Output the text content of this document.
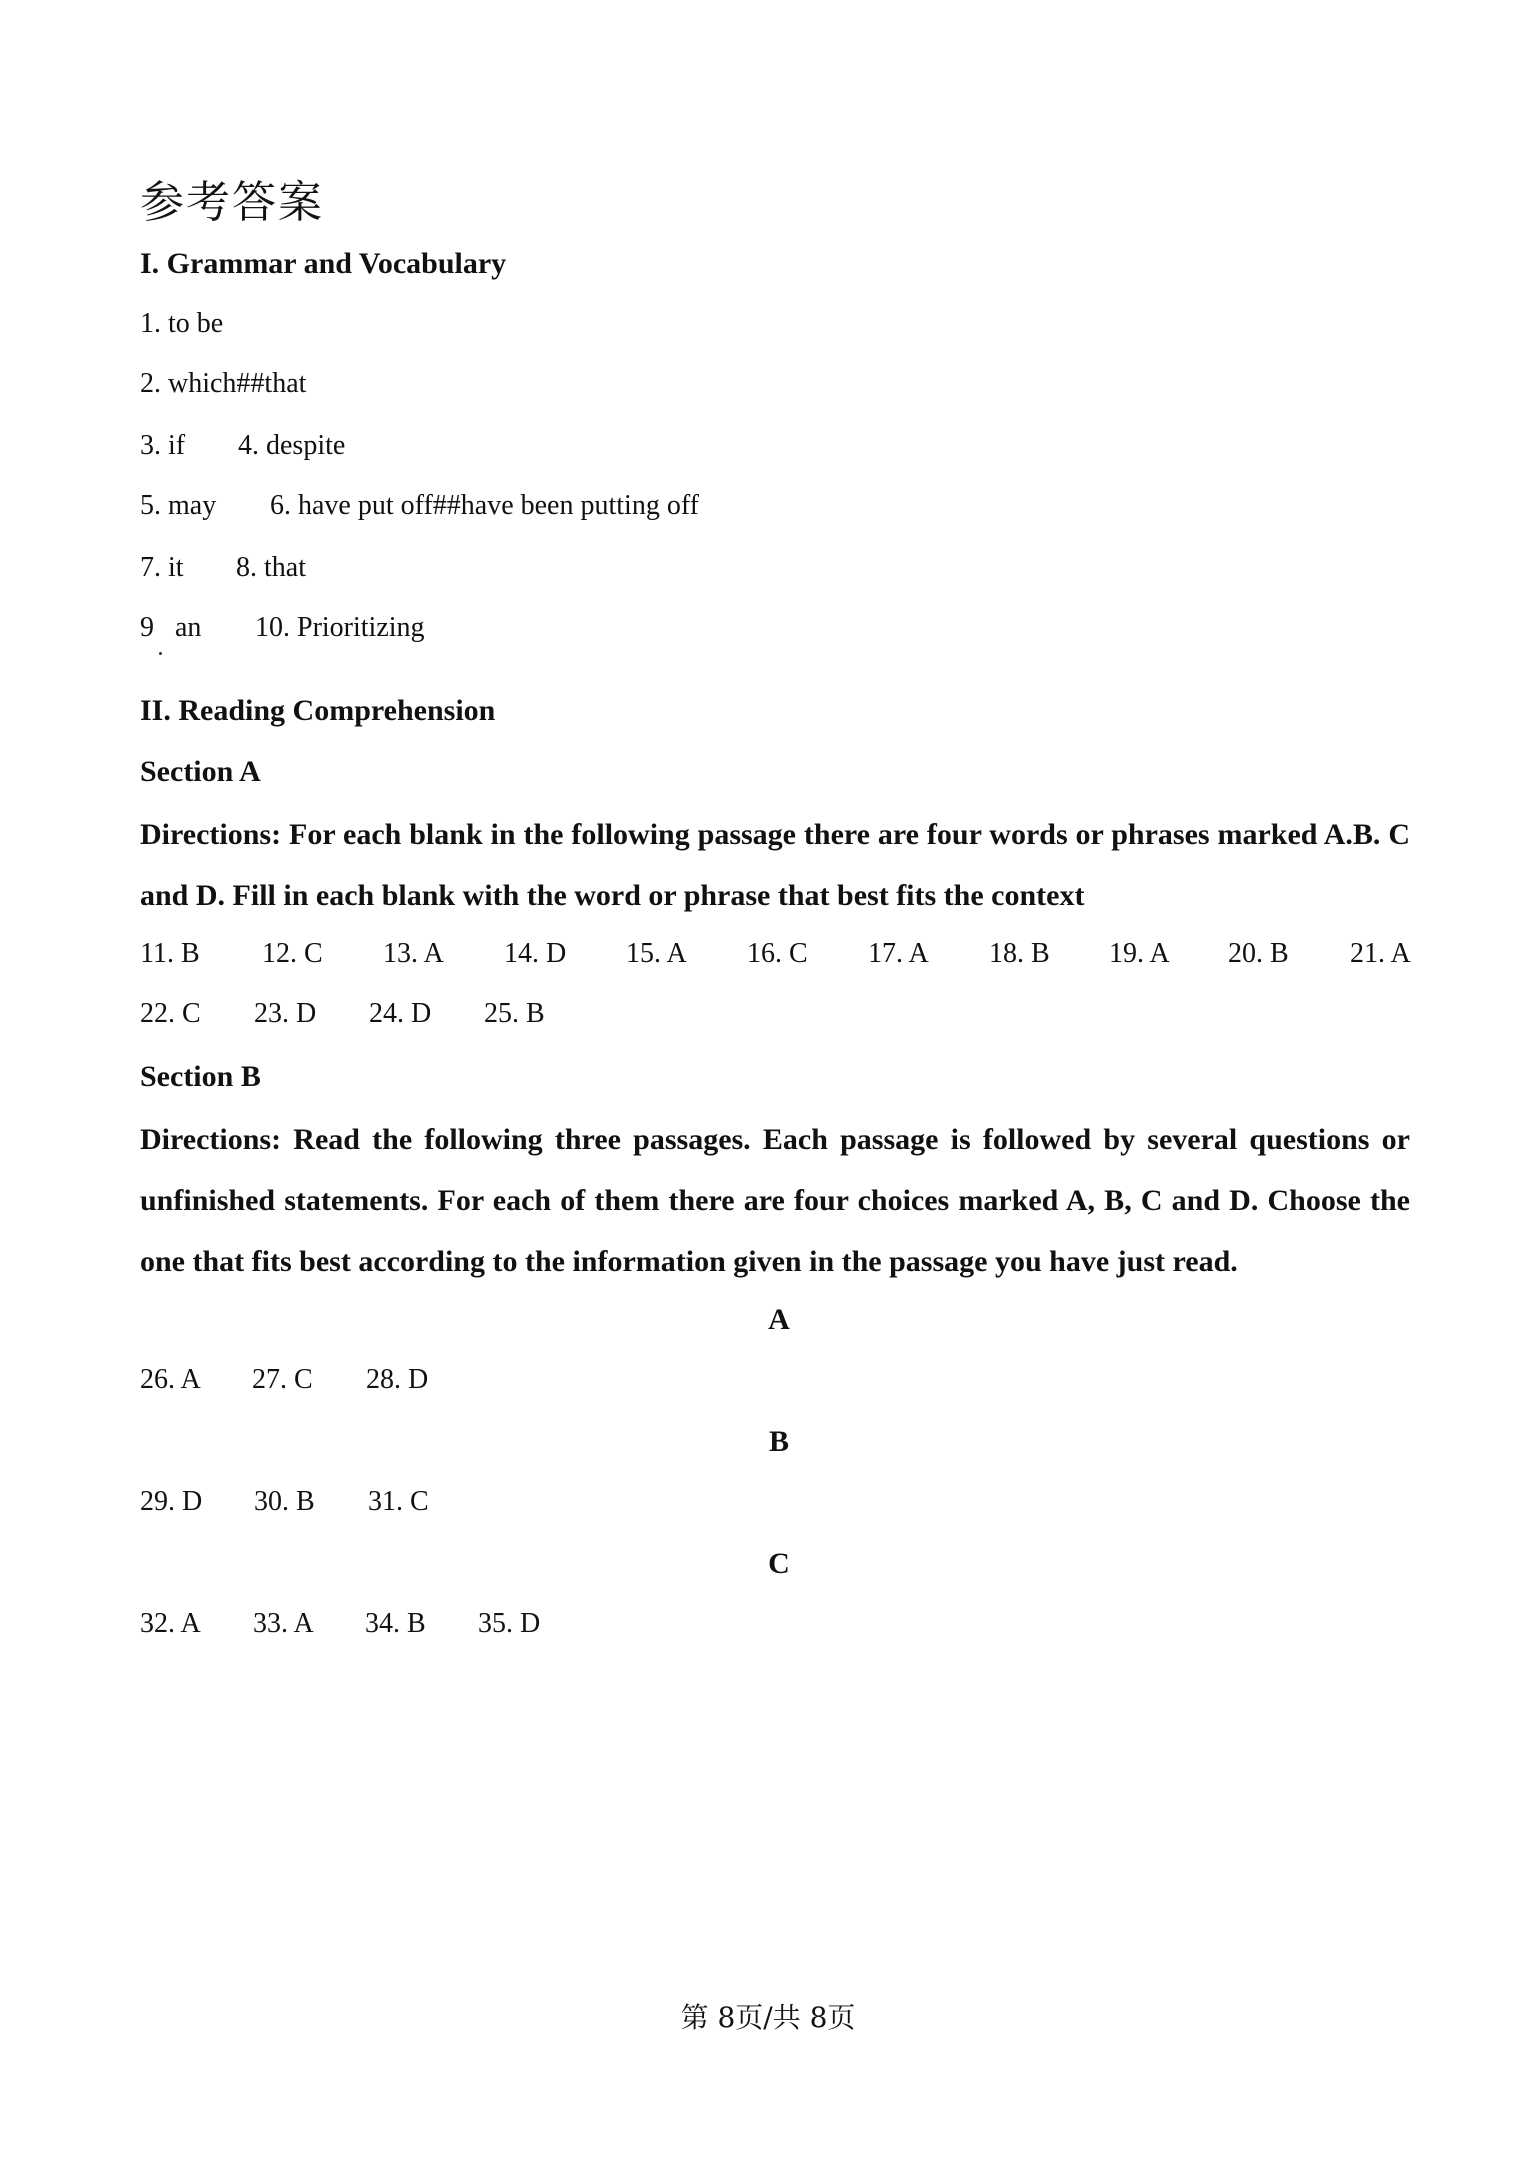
参考答案
I. Grammar and Vocabulary
1. to be
2. which##that
3. if 4. despite
5. may 6. have put off##have been putting off
7. it 8. that
9 an 10. Prioritizing
II. Reading Comprehension
Section A
Directions: For each blank in the following passage there are four words or phrases marked A.B. C and D. Fill in each blank with the word or phrase that best fits the context
11. B	12. C	13. A	14. D	15. A	16. C	17. A	18. B	19. A	20. B	21. A
22. C	23. D	24. D	25. B
Section B
Directions: Read the following three passages. Each passage is followed by several questions or unfinished statements. For each of them there are four choices marked A, B, C and D. Choose the one that fits best according to the information given in the passage you have just read.
A
26. A	27. C	28. D
B
29. D	30. B	31. C
C
32. A	33. A	34. B	35. D
第 8页/共 8页
